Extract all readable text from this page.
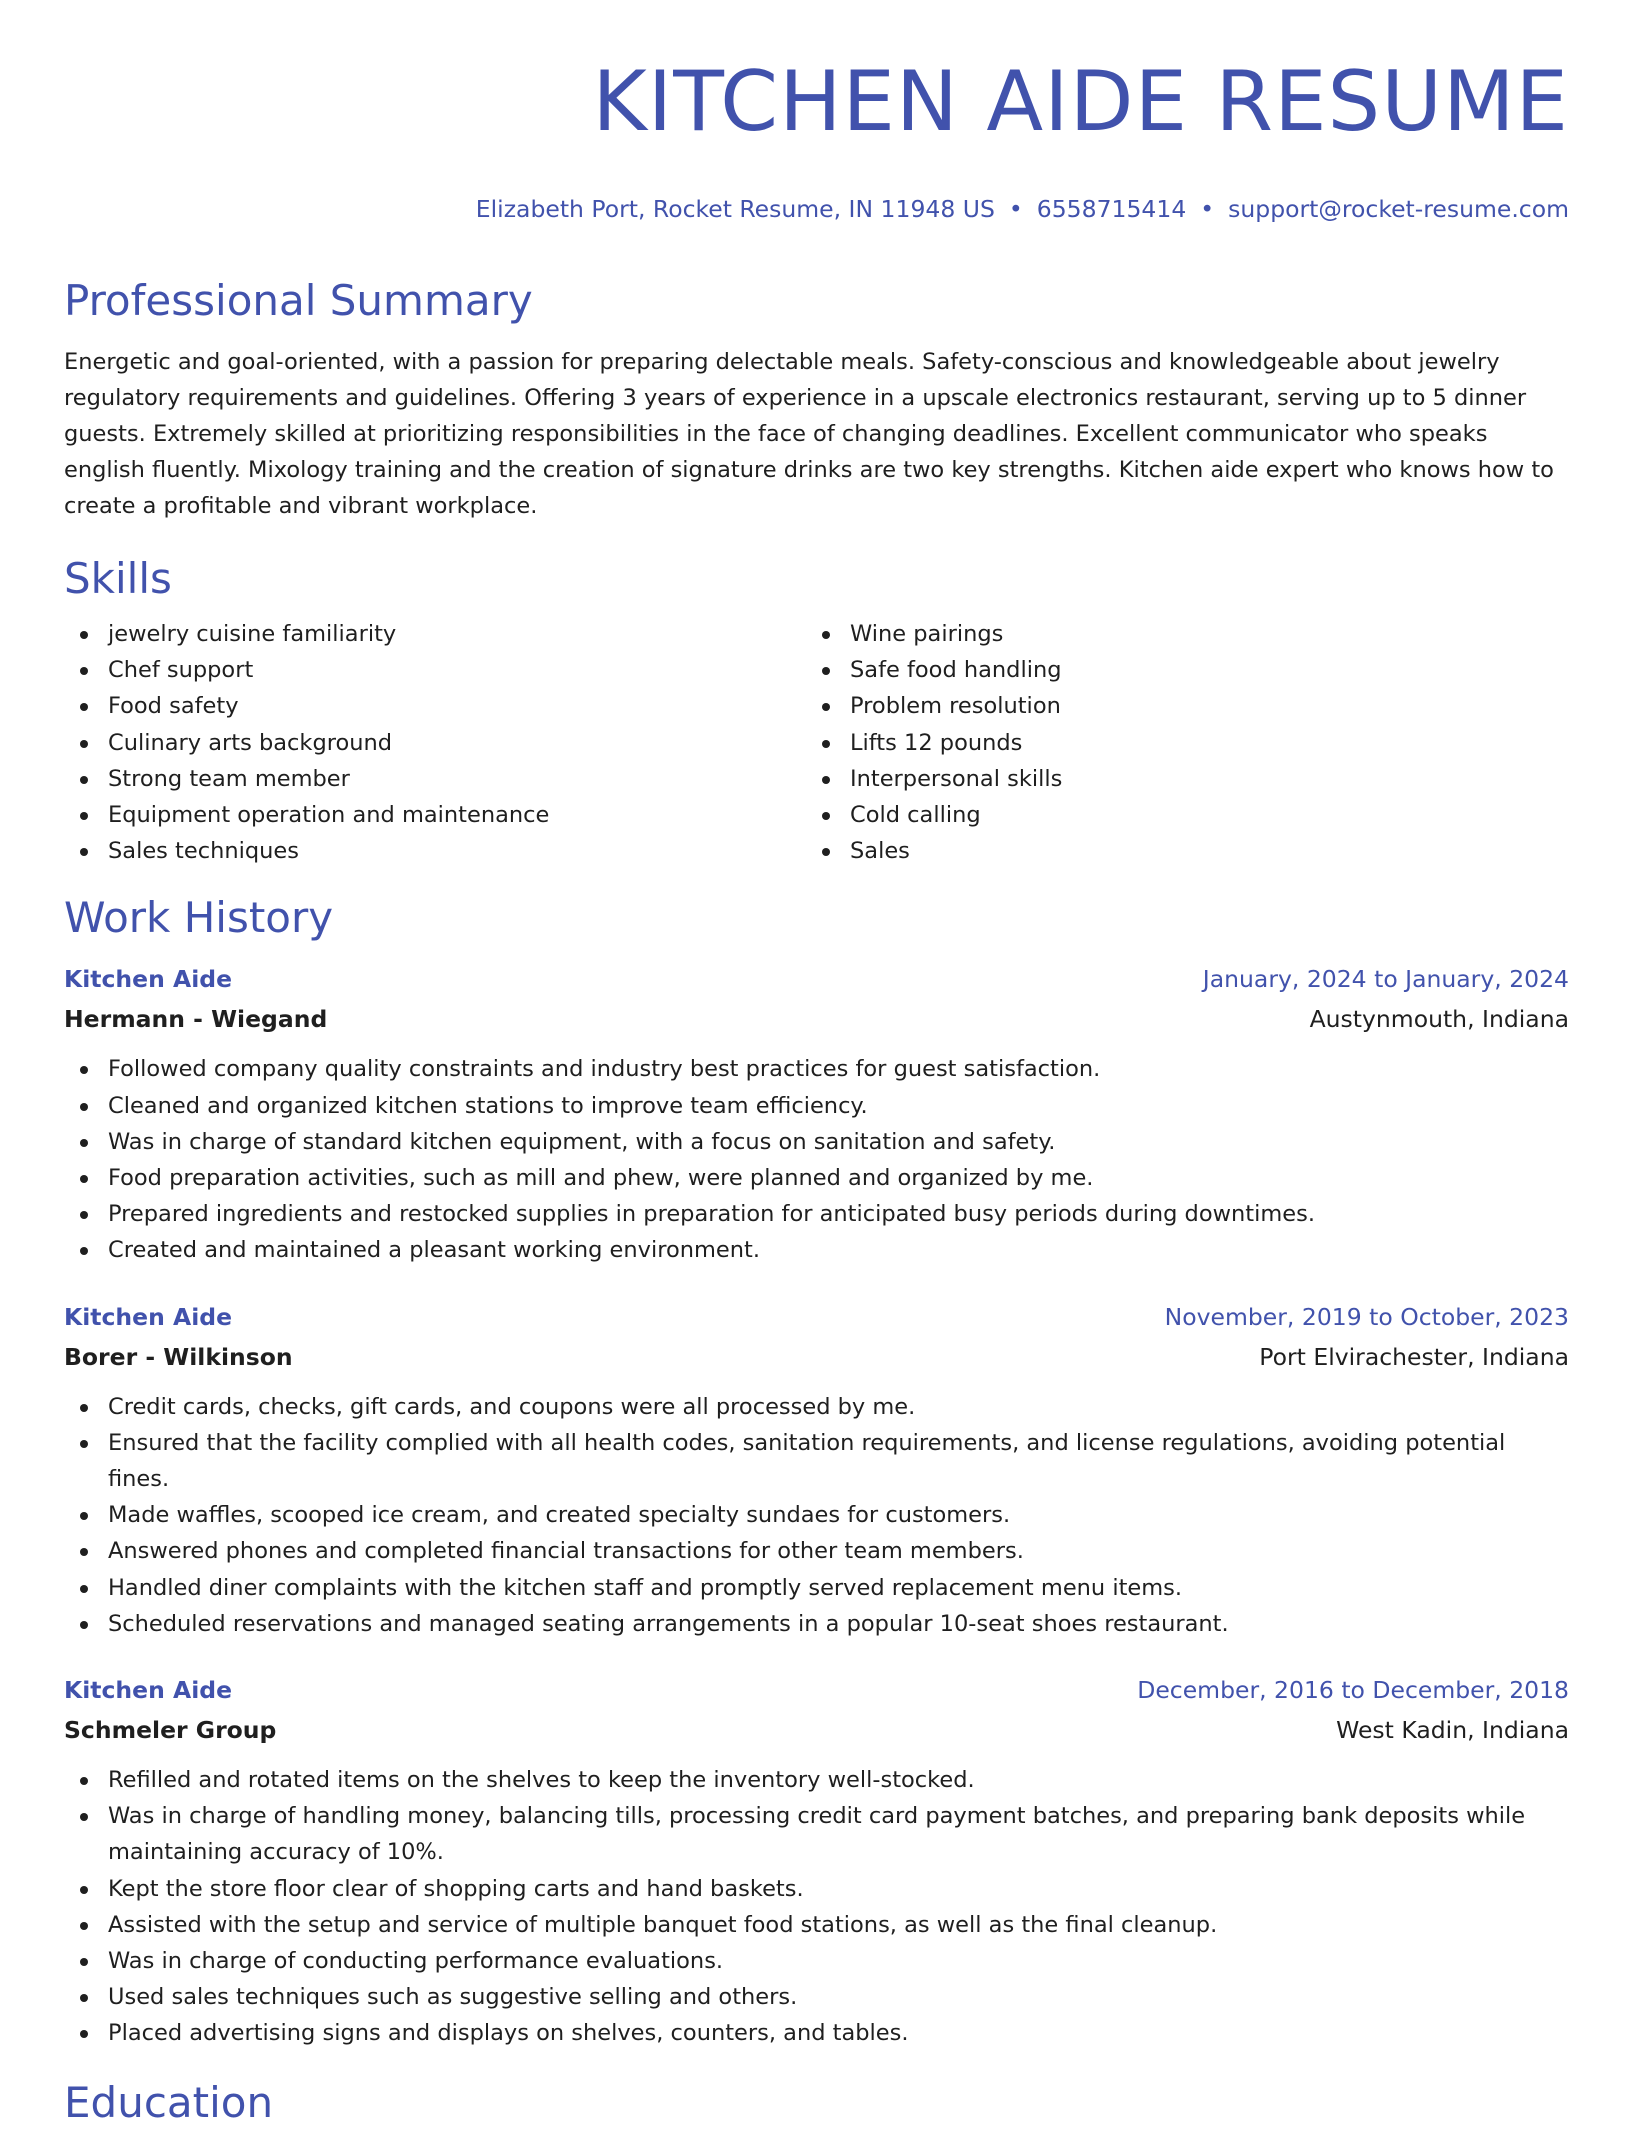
KITCHEN AIDE RESUME
Elizabeth Port, Rocket Resume, IN 11948 US • 6558715414 • support@rocket-resume.com
Professional Summary

Energetic and goal-oriented, with a passion for preparing delectable meals. Safety-conscious and knowledgeable about jewelry regulatory requirements and guidelines. Offering 3 years of experience in a upscale electronics restaurant, serving up to 5 dinner guests. Extremely skilled at prioritizing responsibilities in the face of changing deadlines. Excellent communicator who speaks english fluently. Mixology training and the creation of signature drinks are two key strengths. Kitchen aide expert who knows how to create a profitable and vibrant workplace.

Skills
jewelry cuisine familiarity
Chef support
Food safety
Culinary arts background
Strong team member
Equipment operation and maintenance
Sales techniques
Wine pairings
Safe food handling
Problem resolution
Lifts 12 pounds
Interpersonal skills
Cold calling
Sales
Work History
Kitchen Aide	January, 2024 to January, 2024
Hermann - Wiegand	Austynmouth, Indiana
Followed company quality constraints and industry best practices for guest satisfaction.
Cleaned and organized kitchen stations to improve team efficiency.
Was in charge of standard kitchen equipment, with a focus on sanitation and safety.
Food preparation activities, such as mill and phew, were planned and organized by me.
Prepared ingredients and restocked supplies in preparation for anticipated busy periods during downtimes.
Created and maintained a pleasant working environment.
Kitchen Aide	November, 2019 to October, 2023
Borer - Wilkinson	Port Elvirachester, Indiana
Credit cards, checks, gift cards, and coupons were all processed by me.
Ensured that the facility complied with all health codes, sanitation requirements, and license regulations, avoiding potential fines.
Made waffles, scooped ice cream, and created specialty sundaes for customers.
Answered phones and completed financial transactions for other team members.
Handled diner complaints with the kitchen staff and promptly served replacement menu items.
Scheduled reservations and managed seating arrangements in a popular 10-seat shoes restaurant.
Kitchen Aide	December, 2016 to December, 2018
Schmeler Group	West Kadin, Indiana
Refilled and rotated items on the shelves to keep the inventory well-stocked.
Was in charge of handling money, balancing tills, processing credit card payment batches, and preparing bank deposits while maintaining accuracy of 10%.
Kept the store floor clear of shopping carts and hand baskets.
Assisted with the setup and service of multiple banquet food stations, as well as the final cleanup.
Was in charge of conducting performance evaluations.
Used sales techniques such as suggestive selling and others.
Placed advertising signs and displays on shelves, counters, and tables.
Education
